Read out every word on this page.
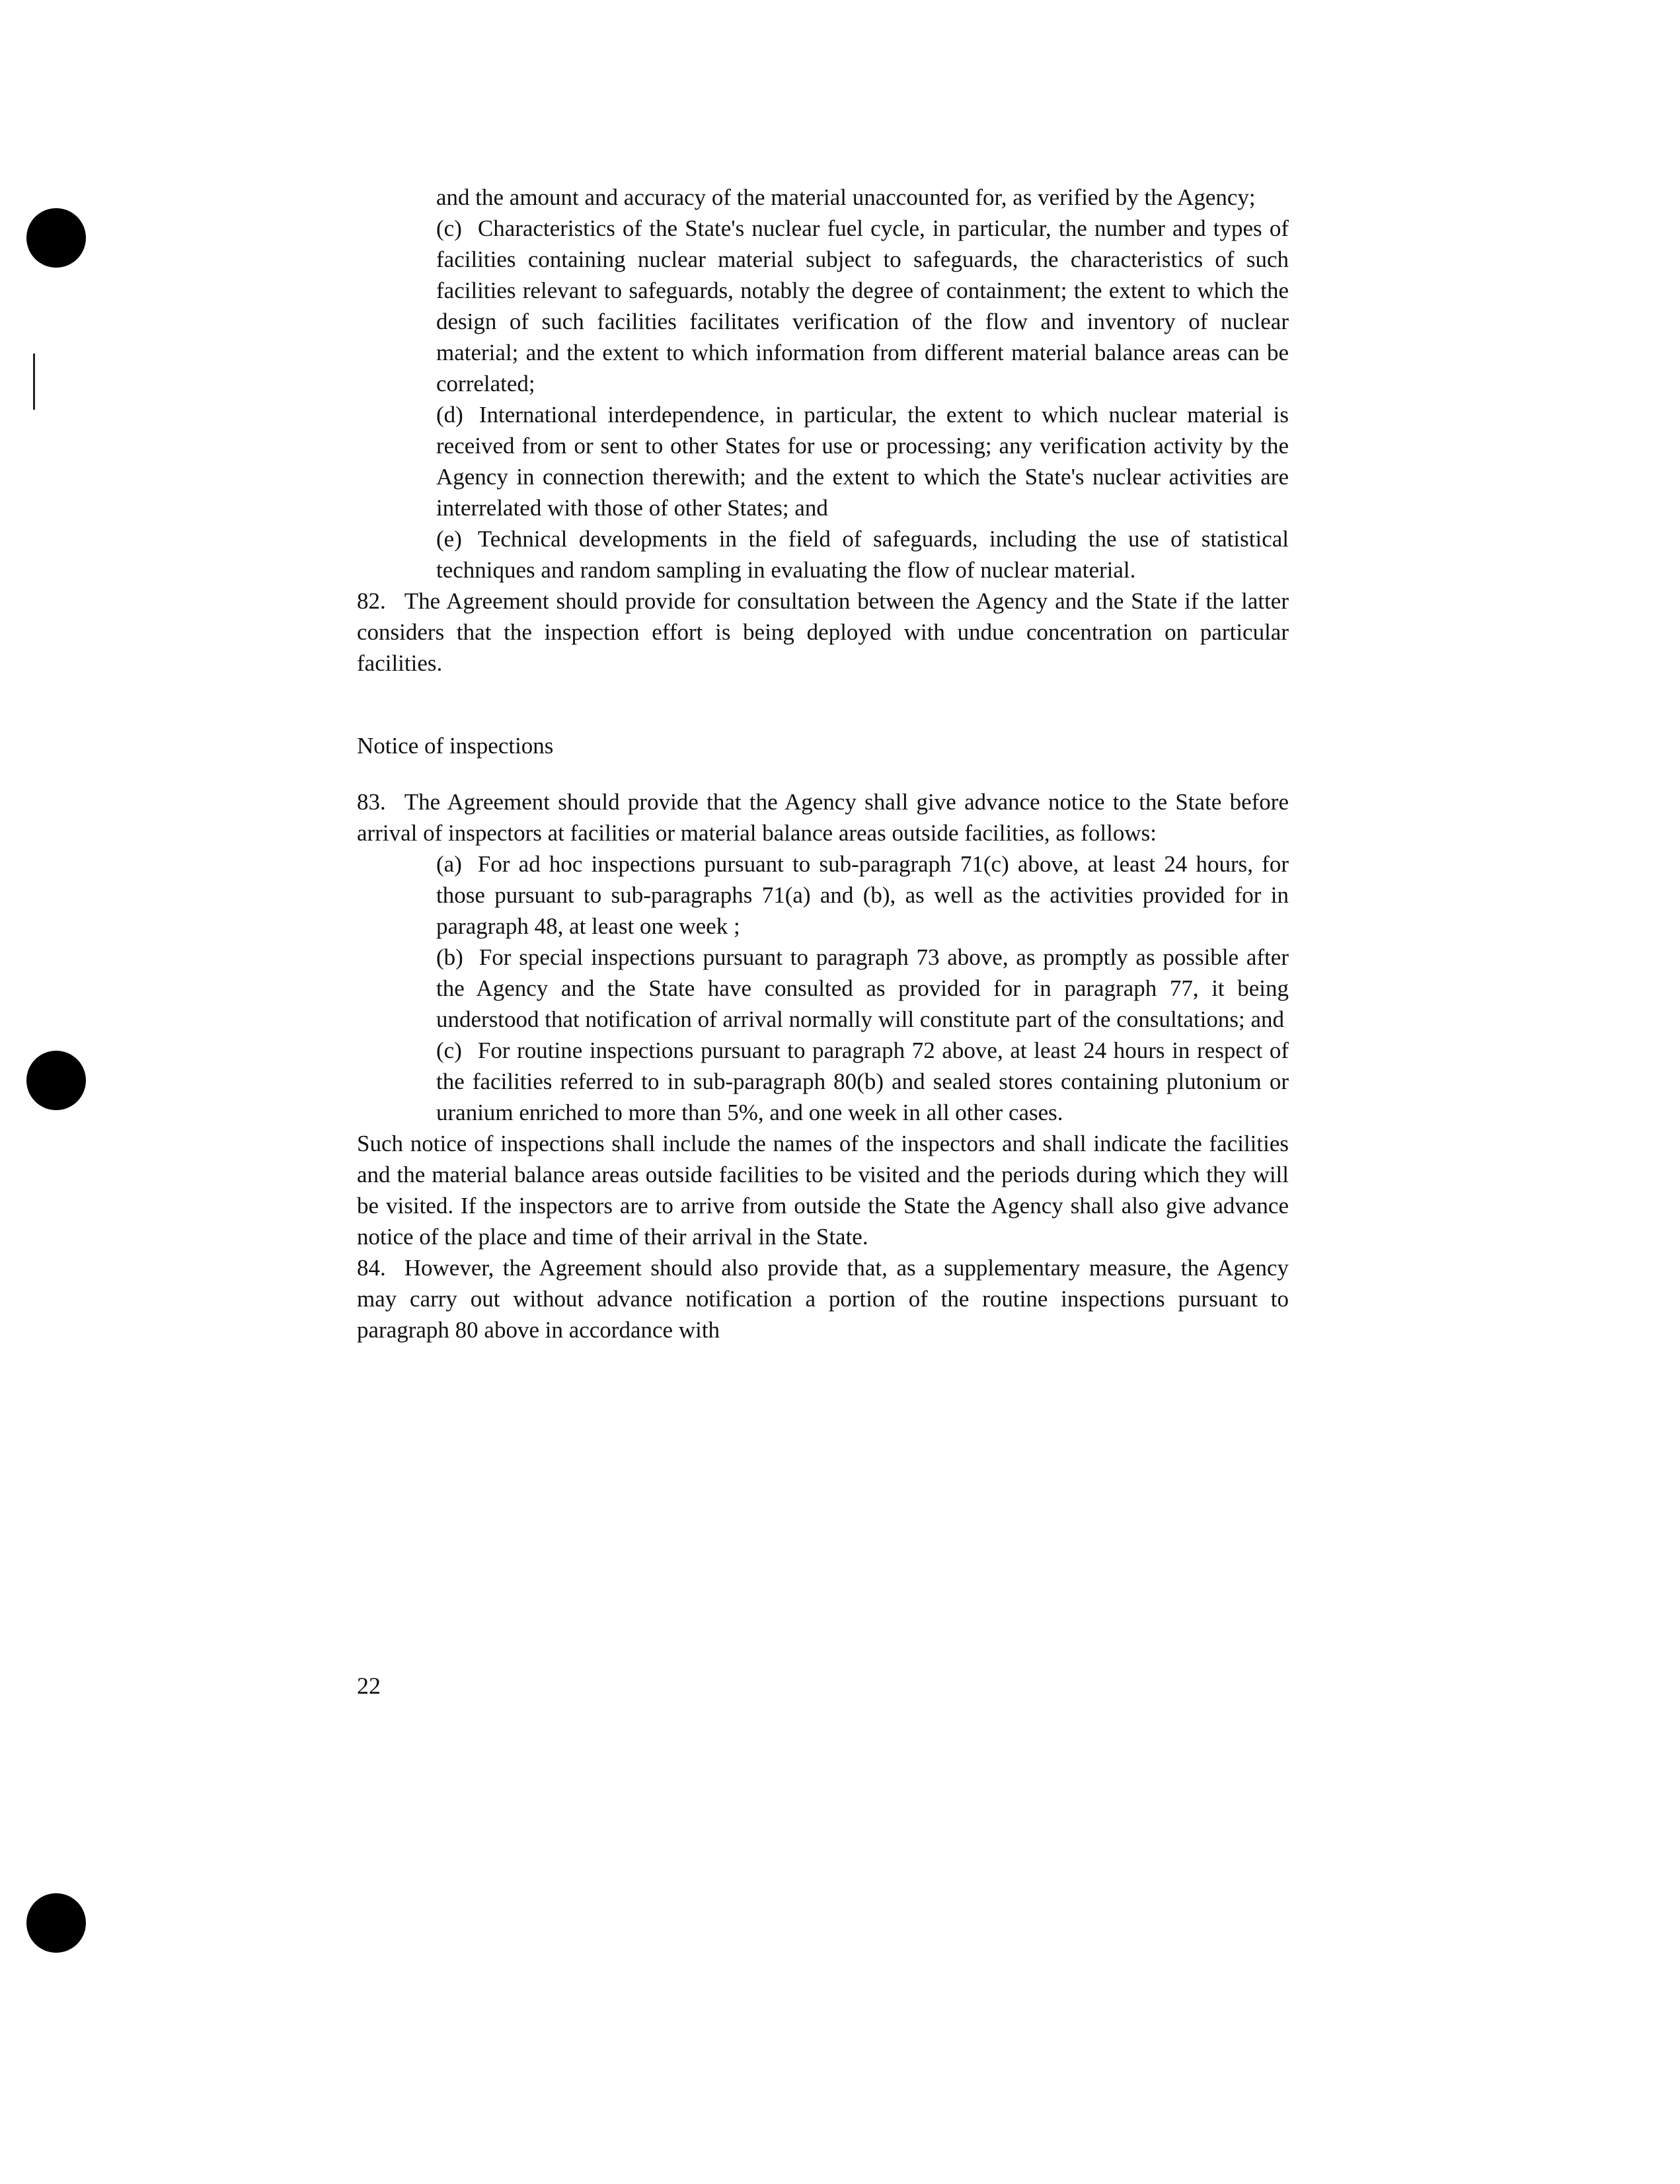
and the amount and accuracy of the material unaccounted for, as verified by the Agency;

(c) Characteristics of the State's nuclear fuel cycle, in particular, the number and types of facilities containing nuclear material subject to safeguards, the characteristics of such facilities relevant to safeguards, notably the degree of containment; the extent to which the design of such facilities facilitates verification of the flow and inventory of nuclear material; and the extent to which information from different material balance areas can be correlated;

(d) International interdependence, in particular, the extent to which nuclear material is received from or sent to other States for use or processing; any verification activity by the Agency in connection therewith; and the extent to which the State's nuclear activities are interrelated with those of other States; and

(e) Technical developments in the field of safeguards, including the use of statistical techniques and random sampling in evaluating the flow of nuclear material.

82. The Agreement should provide for consultation between the Agency and the State if the latter considers that the inspection effort is being deployed with undue concentration on particular facilities.

Notice of inspections

83. The Agreement should provide that the Agency shall give advance notice to the State before arrival of inspectors at facilities or material balance areas outside facilities, as follows:

(a) For ad hoc inspections pursuant to sub-paragraph 71(c) above, at least 24 hours, for those pursuant to sub-paragraphs 71(a) and (b), as well as the activities provided for in paragraph 48, at least one week ;

(b) For special inspections pursuant to paragraph 73 above, as promptly as possible after the Agency and the State have consulted as provided for in paragraph 77, it being understood that notification of arrival normally will constitute part of the consultations; and

(c) For routine inspections pursuant to paragraph 72 above, at least 24 hours in respect of the facilities referred to in sub-paragraph 80(b) and sealed stores containing plutonium or uranium enriched to more than 5%, and one week in all other cases.

Such notice of inspections shall include the names of the inspectors and shall indicate the facilities and the material balance areas outside facilities to be visited and the periods during which they will be visited. If the inspectors are to arrive from outside the State the Agency shall also give advance notice of the place and time of their arrival in the State.

84. However, the Agreement should also provide that, as a supplementary measure, the Agency may carry out without advance notification a portion of the routine inspections pursuant to paragraph 80 above in accordance with

22
